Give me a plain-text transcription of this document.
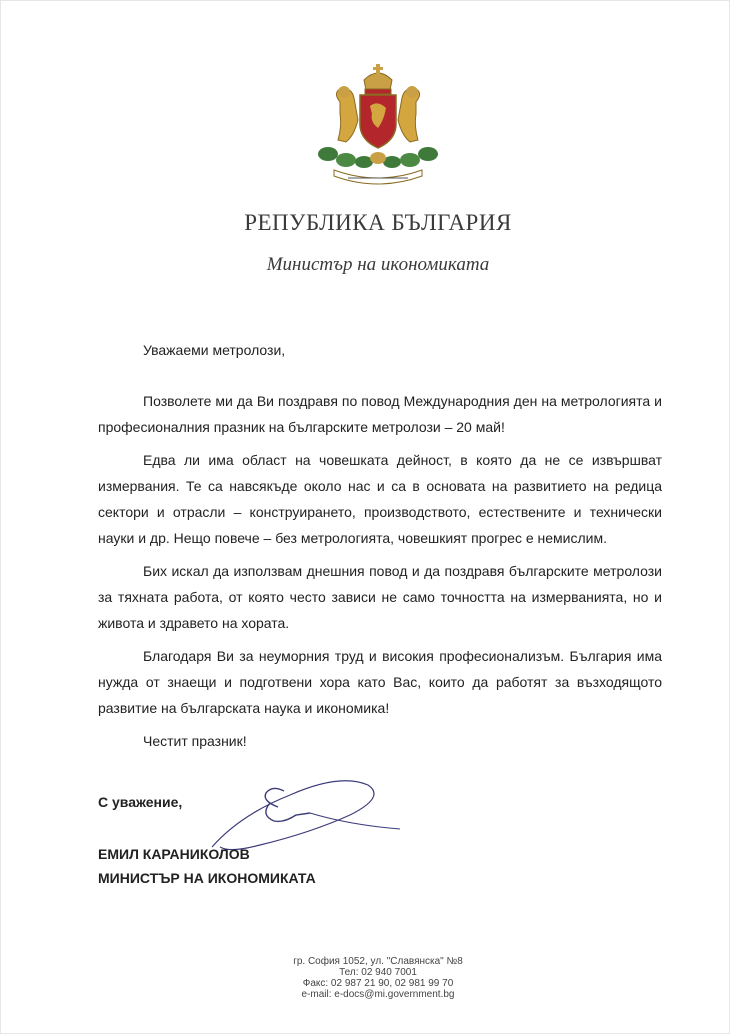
РЕПУБЛИКА БЪЛГАРИЯ
Министър на икономиката
Уважаеми метролози,

Позволете ми да Ви поздравя по повод Международния ден на метрологията и професионалния празник на българските метролози – 20 май!

Едва ли има област на човешката дейност, в която да не се извършват измервания. Те са навсякъде около нас и са в основата на развитието на редица сектори и отрасли – конструирането, производството, естествените и технически науки и др. Нещо повече – без метрологията, човешкият прогрес е немислим.

Бих искал да използвам днешния повод и да поздравя българските метролози за тяхната работа, от която често зависи не само точността на измерванията, но и живота и здравето на хората.

Благодаря Ви за неуморния труд и високия професионализъм. България има нужда от знаещи и подготвени хора като Вас, които да работят за възходящото развитие на българската наука и икономика!

Честит празник!

С уважение,
ЕМИЛ КАРАНИКОЛОВ
МИНИСТЪР НА ИКОНОМИКАТА
гр. София 1052, ул. "Славянска" №8
Тел: 02 940 7001
Факс: 02 987 21 90, 02 981 99 70
e-mail: e-docs@mi.government.bg
